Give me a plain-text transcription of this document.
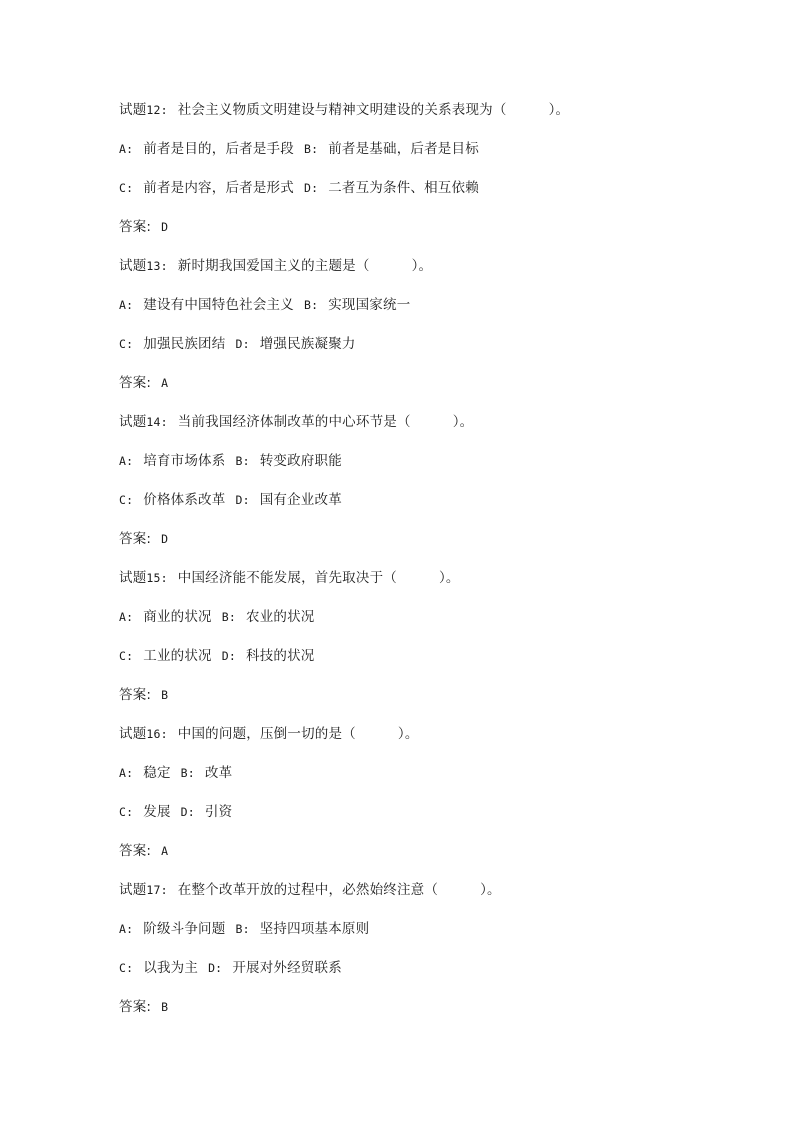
试题12: 社会主义物质文明建设与精神文明建设的关系表现为（	）。
A: 前者是目的，后者是手段 B: 前者是基础，后者是目标
C: 前者是内容，后者是形式 D: 二者互为条件、相互依赖
答案: D
试题13: 新时期我国爱国主义的主题是（	）。
A: 建设有中国特色社会主义 B: 实现国家统一
C: 加强民族团结 D: 增强民族凝聚力
答案: A
试题14: 当前我国经济体制改革的中心环节是（	）。
A: 培育市场体系 B: 转变政府职能
C: 价格体系改革 D: 国有企业改革
答案: D
试题15: 中国经济能不能发展，首先取决于（	）。
A: 商业的状况 B: 农业的状况
C: 工业的状况 D: 科技的状况
答案: B
试题16: 中国的问题，压倒一切的是（	）。
A: 稳定 B: 改革
C: 发展 D: 引资
答案: A
试题17: 在整个改革开放的过程中，必然始终注意（	）。
A: 阶级斗争问题 B: 坚持四项基本原则
C: 以我为主 D: 开展对外经贸联系
答案: B
